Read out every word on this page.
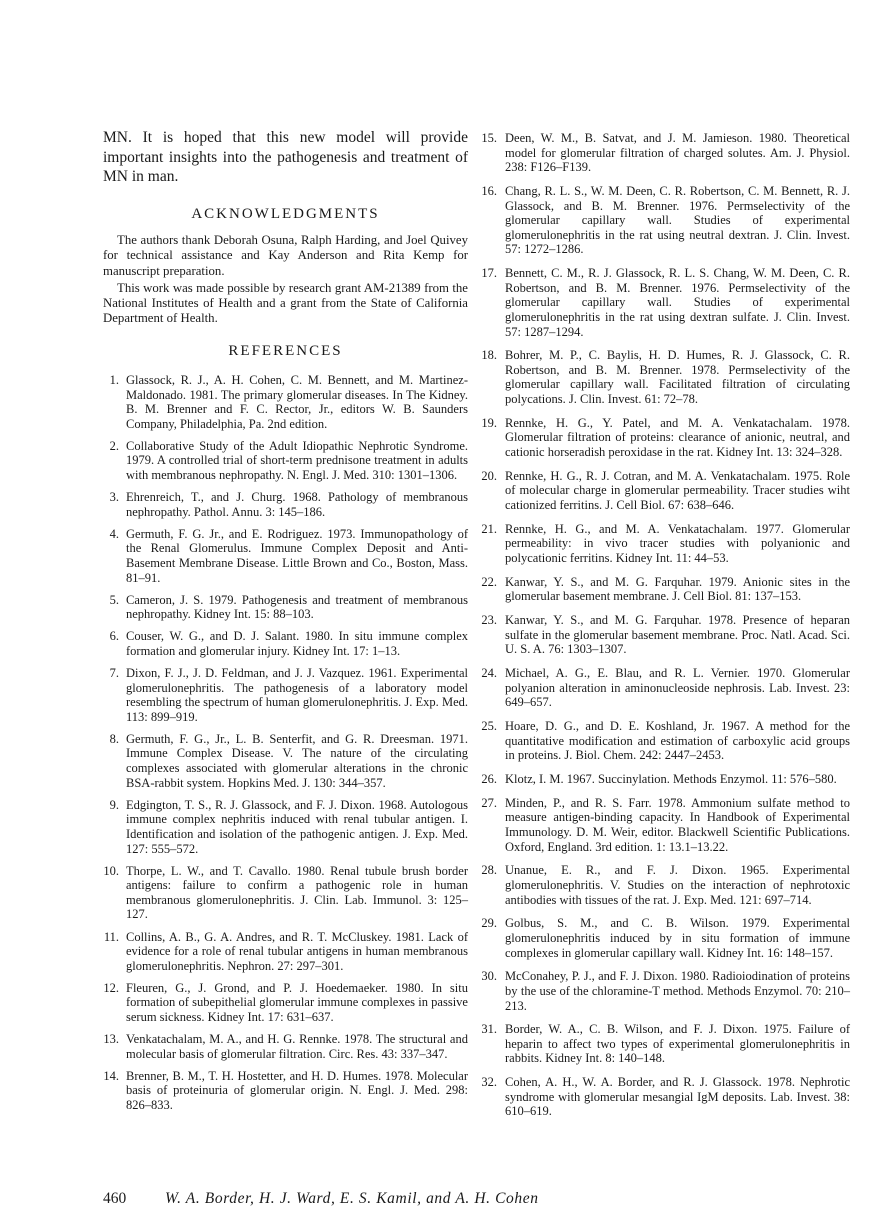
MN. It is hoped that this new model will provide important insights into the pathogenesis and treatment of MN in man.

ACKNOWLEDGMENTS

The authors thank Deborah Osuna, Ralph Harding, and Joel Quivey for technical assistance and Kay Anderson and Rita Kemp for manuscript preparation.

This work was made possible by research grant AM-21389 from the National Institutes of Health and a grant from the State of California Department of Health.

REFERENCES
1. Glassock, R. J., A. H. Cohen, C. M. Bennett, and M. Martinez-Maldonado. 1981. The primary glomerular diseases. In The Kidney. B. M. Brenner and F. C. Rector, Jr., editors W. B. Saunders Company, Philadelphia, Pa. 2nd edition.
2. Collaborative Study of the Adult Idiopathic Nephrotic Syndrome. 1979. A controlled trial of short-term prednisone treatment in adults with membranous nephropathy. N. Engl. J. Med. 310: 1301–1306.
3. Ehrenreich, T., and J. Churg. 1968. Pathology of membranous nephropathy. Pathol. Annu. 3: 145–186.
4. Germuth, F. G. Jr., and E. Rodriguez. 1973. Immunopathology of the Renal Glomerulus. Immune Complex Deposit and Anti-Basement Membrane Disease. Little Brown and Co., Boston, Mass. 81–91.
5. Cameron, J. S. 1979. Pathogenesis and treatment of membranous nephropathy. Kidney Int. 15: 88–103.
6. Couser, W. G., and D. J. Salant. 1980. In situ immune complex formation and glomerular injury. Kidney Int. 17: 1–13.
7. Dixon, F. J., J. D. Feldman, and J. J. Vazquez. 1961. Experimental glomerulonephritis. The pathogenesis of a laboratory model resembling the spectrum of human glomerulonephritis. J. Exp. Med. 113: 899–919.
8. Germuth, F. G., Jr., L. B. Senterfit, and G. R. Dreesman. 1971. Immune Complex Disease. V. The nature of the circulating complexes associated with glomerular alterations in the chronic BSA-rabbit system. Hopkins Med. J. 130: 344–357.
9. Edgington, T. S., R. J. Glassock, and F. J. Dixon. 1968. Autologous immune complex nephritis induced with renal tubular antigen. I. Identification and isolation of the pathogenic antigen. J. Exp. Med. 127: 555–572.
10. Thorpe, L. W., and T. Cavallo. 1980. Renal tubule brush border antigens: failure to confirm a pathogenic role in human membranous glomerulonephritis. J. Clin. Lab. Immunol. 3: 125–127.
11. Collins, A. B., G. A. Andres, and R. T. McCluskey. 1981. Lack of evidence for a role of renal tubular antigens in human membranous glomerulonephritis. Nephron. 27: 297–301.
12. Fleuren, G., J. Grond, and P. J. Hoedemaeker. 1980. In situ formation of subepithelial glomerular immune complexes in passive serum sickness. Kidney Int. 17: 631–637.
13. Venkatachalam, M. A., and H. G. Rennke. 1978. The structural and molecular basis of glomerular filtration. Circ. Res. 43: 337–347.
14. Brenner, B. M., T. H. Hostetter, and H. D. Humes. 1978. Molecular basis of proteinuria of glomerular origin. N. Engl. J. Med. 298: 826–833.
15. Deen, W. M., B. Satvat, and J. M. Jamieson. 1980. Theoretical model for glomerular filtration of charged solutes. Am. J. Physiol. 238: F126–F139.
16. Chang, R. L. S., W. M. Deen, C. R. Robertson, C. M. Bennett, R. J. Glassock, and B. M. Brenner. 1976. Permselectivity of the glomerular capillary wall. Studies of experimental glomerulonephritis in the rat using neutral dextran. J. Clin. Invest. 57: 1272–1286.
17. Bennett, C. M., R. J. Glassock, R. L. S. Chang, W. M. Deen, C. R. Robertson, and B. M. Brenner. 1976. Permselectivity of the glomerular capillary wall. Studies of experimental glomerulonephritis in the rat using dextran sulfate. J. Clin. Invest. 57: 1287–1294.
18. Bohrer, M. P., C. Baylis, H. D. Humes, R. J. Glassock, C. R. Robertson, and B. M. Brenner. 1978. Permselectivity of the glomerular capillary wall. Facilitated filtration of circulating polycations. J. Clin. Invest. 61: 72–78.
19. Rennke, H. G., Y. Patel, and M. A. Venkatachalam. 1978. Glomerular filtration of proteins: clearance of anionic, neutral, and cationic horseradish peroxidase in the rat. Kidney Int. 13: 324–328.
20. Rennke, H. G., R. J. Cotran, and M. A. Venkatachalam. 1975. Role of molecular charge in glomerular permeability. Tracer studies wiht cationized ferritins. J. Cell Biol. 67: 638–646.
21. Rennke, H. G., and M. A. Venkatachalam. 1977. Glomerular permeability: in vivo tracer studies with polyanionic and polycationic ferritins. Kidney Int. 11: 44–53.
22. Kanwar, Y. S., and M. G. Farquhar. 1979. Anionic sites in the glomerular basement membrane. J. Cell Biol. 81: 137–153.
23. Kanwar, Y. S., and M. G. Farquhar. 1978. Presence of heparan sulfate in the glomerular basement membrane. Proc. Natl. Acad. Sci. U. S. A. 76: 1303–1307.
24. Michael, A. G., E. Blau, and R. L. Vernier. 1970. Glomerular polyanion alteration in aminonucleoside nephrosis. Lab. Invest. 23: 649–657.
25. Hoare, D. G., and D. E. Koshland, Jr. 1967. A method for the quantitative modification and estimation of carboxylic acid groups in proteins. J. Biol. Chem. 242: 2447–2453.
26. Klotz, I. M. 1967. Succinylation. Methods Enzymol. 11: 576–580.
27. Minden, P., and R. S. Farr. 1978. Ammonium sulfate method to measure antigen-binding capacity. In Handbook of Experimental Immunology. D. M. Weir, editor. Blackwell Scientific Publications. Oxford, England. 3rd edition. 1: 13.1–13.22.
28. Unanue, E. R., and F. J. Dixon. 1965. Experimental glomerulonephritis. V. Studies on the interaction of nephrotoxic antibodies with tissues of the rat. J. Exp. Med. 121: 697–714.
29. Golbus, S. M., and C. B. Wilson. 1979. Experimental glomerulonephritis induced by in situ formation of immune complexes in glomerular capillary wall. Kidney Int. 16: 148–157.
30. McConahey, P. J., and F. J. Dixon. 1980. Radioiodination of proteins by the use of the chloramine-T method. Methods Enzymol. 70: 210–213.
31. Border, W. A., C. B. Wilson, and F. J. Dixon. 1975. Failure of heparin to affect two types of experimental glomerulonephritis in rabbits. Kidney Int. 8: 140–148.
32. Cohen, A. H., W. A. Border, and R. J. Glassock. 1978. Nephrotic syndrome with glomerular mesangial IgM deposits. Lab. Invest. 38: 610–619.
460	W. A. Border, H. J. Ward, E. S. Kamil, and A. H. Cohen
